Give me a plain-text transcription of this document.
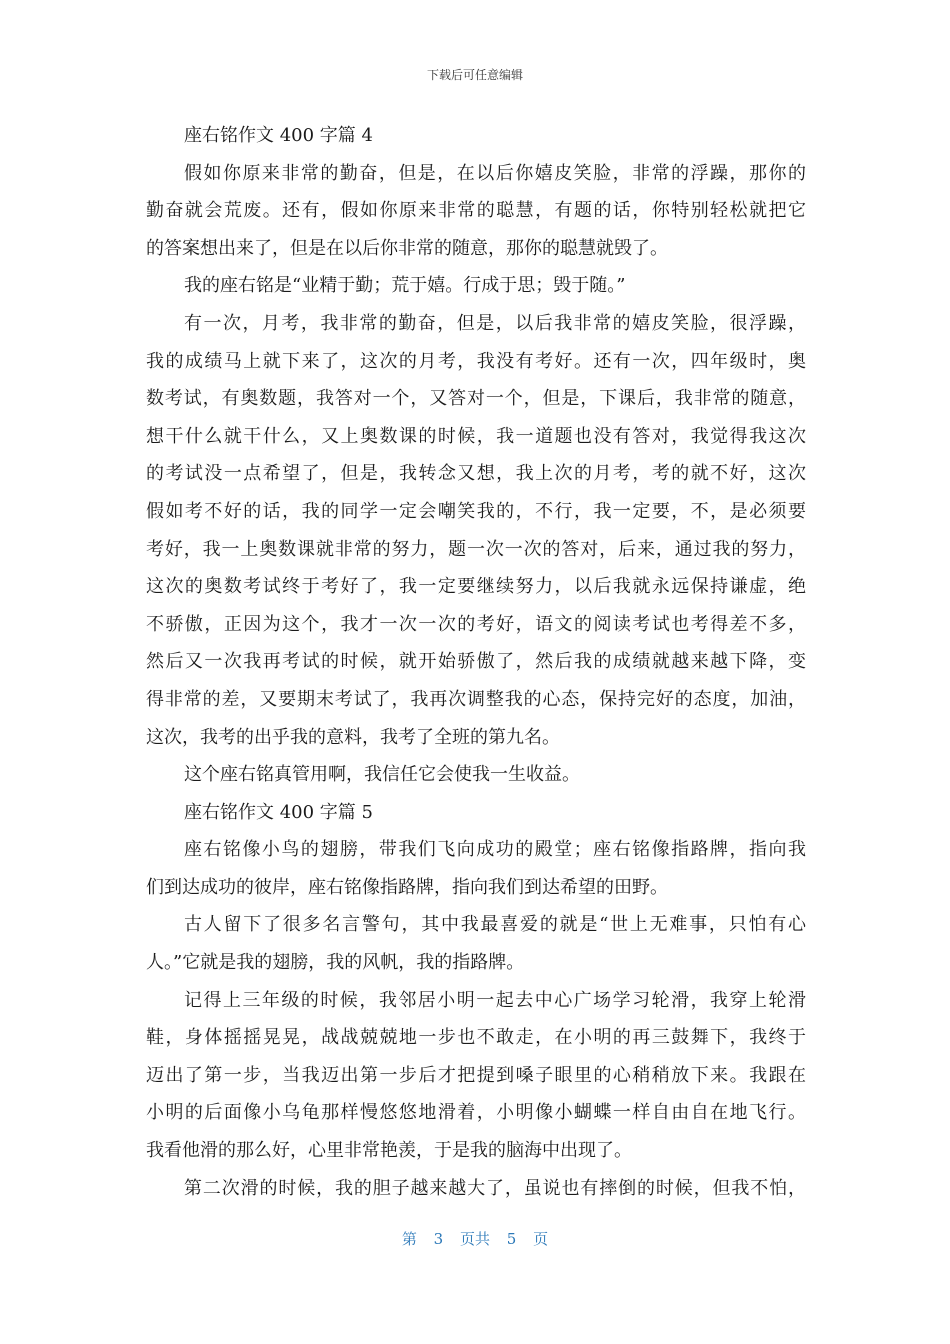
下载后可任意编辑
座右铭作文 400 字篇 4
假如你原来非常的勤奋，但是，在以后你嬉皮笑脸，非常的浮躁，那你的
勤奋就会荒废。还有，假如你原来非常的聪慧，有题的话，你特别轻松就把它
的答案想出来了，但是在以后你非常的随意，那你的聪慧就毁了。
我的座右铭是“业精于勤；荒于嬉。行成于思；毁于随。”
有一次，月考，我非常的勤奋，但是，以后我非常的嬉皮笑脸，很浮躁，
我的成绩马上就下来了，这次的月考，我没有考好。还有一次，四年级时，奥
数考试，有奥数题，我答对一个，又答对一个，但是，下课后，我非常的随意，
想干什么就干什么，又上奥数课的时候，我一道题也没有答对，我觉得我这次
的考试没一点希望了，但是，我转念又想，我上次的月考，考的就不好，这次
假如考不好的话，我的同学一定会嘲笑我的，不行，我一定要，不，是必须要
考好，我一上奥数课就非常的努力，题一次一次的答对，后来，通过我的努力，
这次的奥数考试终于考好了，我一定要继续努力，以后我就永远保持谦虚，绝
不骄傲，正因为这个，我才一次一次的考好，语文的阅读考试也考得差不多，
然后又一次我再考试的时候，就开始骄傲了，然后我的成绩就越来越下降，变
得非常的差，又要期末考试了，我再次调整我的心态，保持完好的态度，加油，
这次，我考的出乎我的意料，我考了全班的第九名。
这个座右铭真管用啊，我信任它会使我一生收益。
座右铭作文 400 字篇 5
座右铭像小鸟的翅膀，带我们飞向成功的殿堂；座右铭像指路牌，指向我
们到达成功的彼岸，座右铭像指路牌，指向我们到达希望的田野。
古人留下了很多名言警句，其中我最喜爱的就是“世上无难事，只怕有心
人。”它就是我的翅膀，我的风帆，我的指路牌。
记得上三年级的时候，我邻居小明一起去中心广场学习轮滑，我穿上轮滑
鞋，身体摇摇晃晃，战战兢兢地一步也不敢走，在小明的再三鼓舞下，我终于
迈出了第一步，当我迈出第一步后才把提到嗓子眼里的心稍稍放下来。我跟在
小明的后面像小乌龟那样慢悠悠地滑着，小明像小蝴蝶一样自由自在地飞行。
我看他滑的那么好，心里非常艳羡，于是我的脑海中出现了。
第二次滑的时候，我的胆子越来越大了，虽说也有摔倒的时候，但我不怕，
第 3 页共 5 页
